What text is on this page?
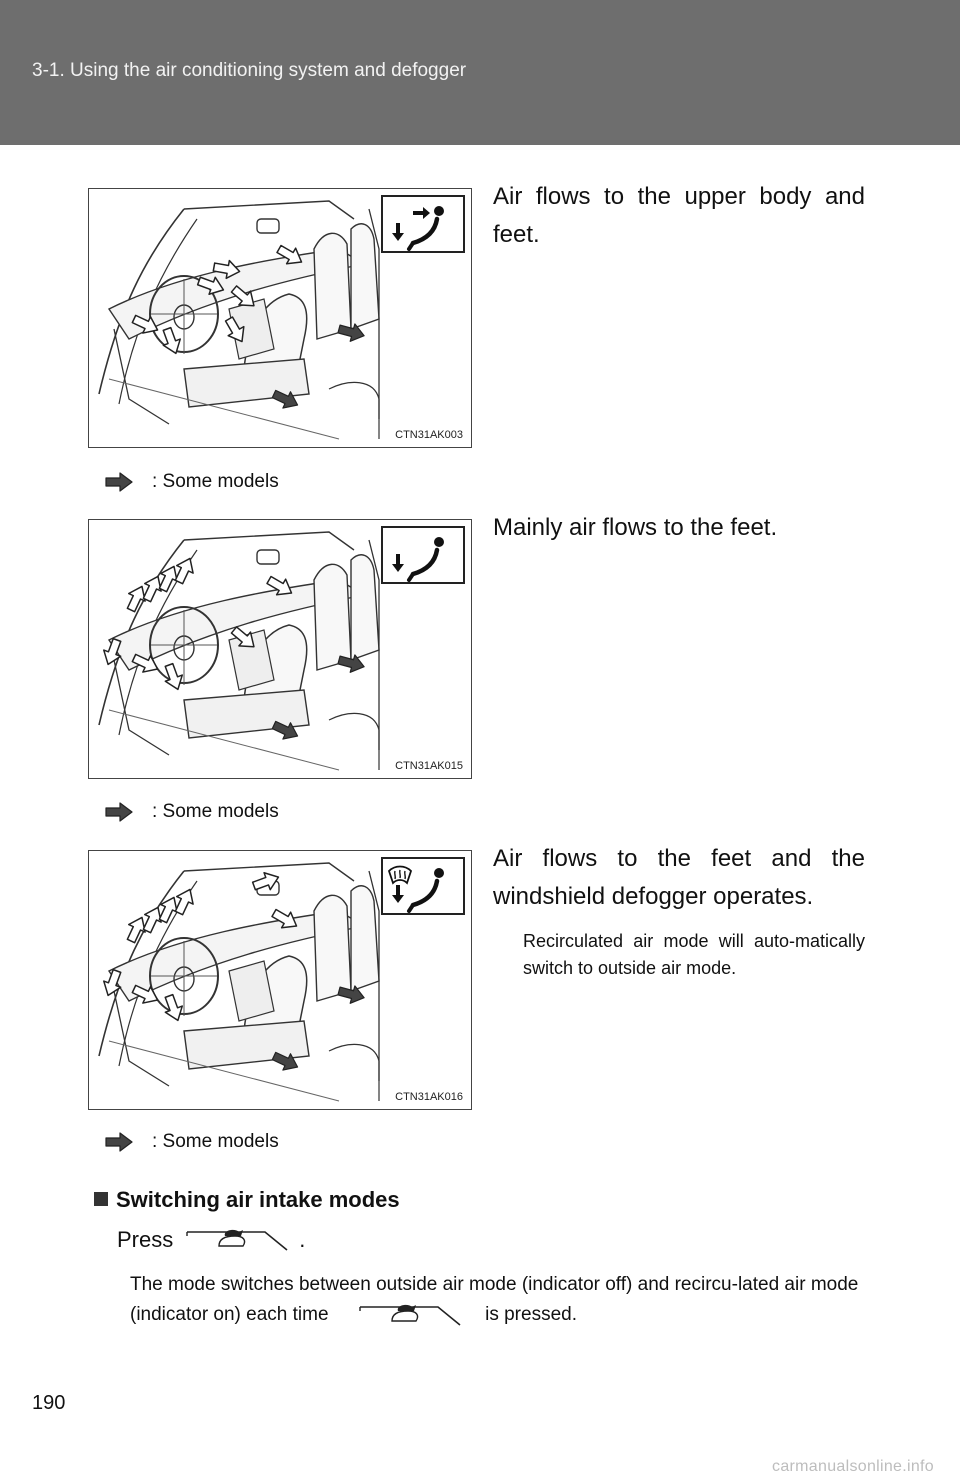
3-1. Using the air conditioning system and defogger
CTN31AK003
Air flows to the upper body and feet.
: Some models
CTN31AK015
Mainly air flows to the feet.
: Some models
CTN31AK016
Air flows to the feet and the windshield defogger operates.
Recirculated air mode will auto-matically switch to outside air mode.
: Some models
Switching air intake modes
Press	.
The mode switches between outside air mode (indicator off) and recircu-lated air mode (indicator on) each time	is pressed.
190
carmanualsonline.info
